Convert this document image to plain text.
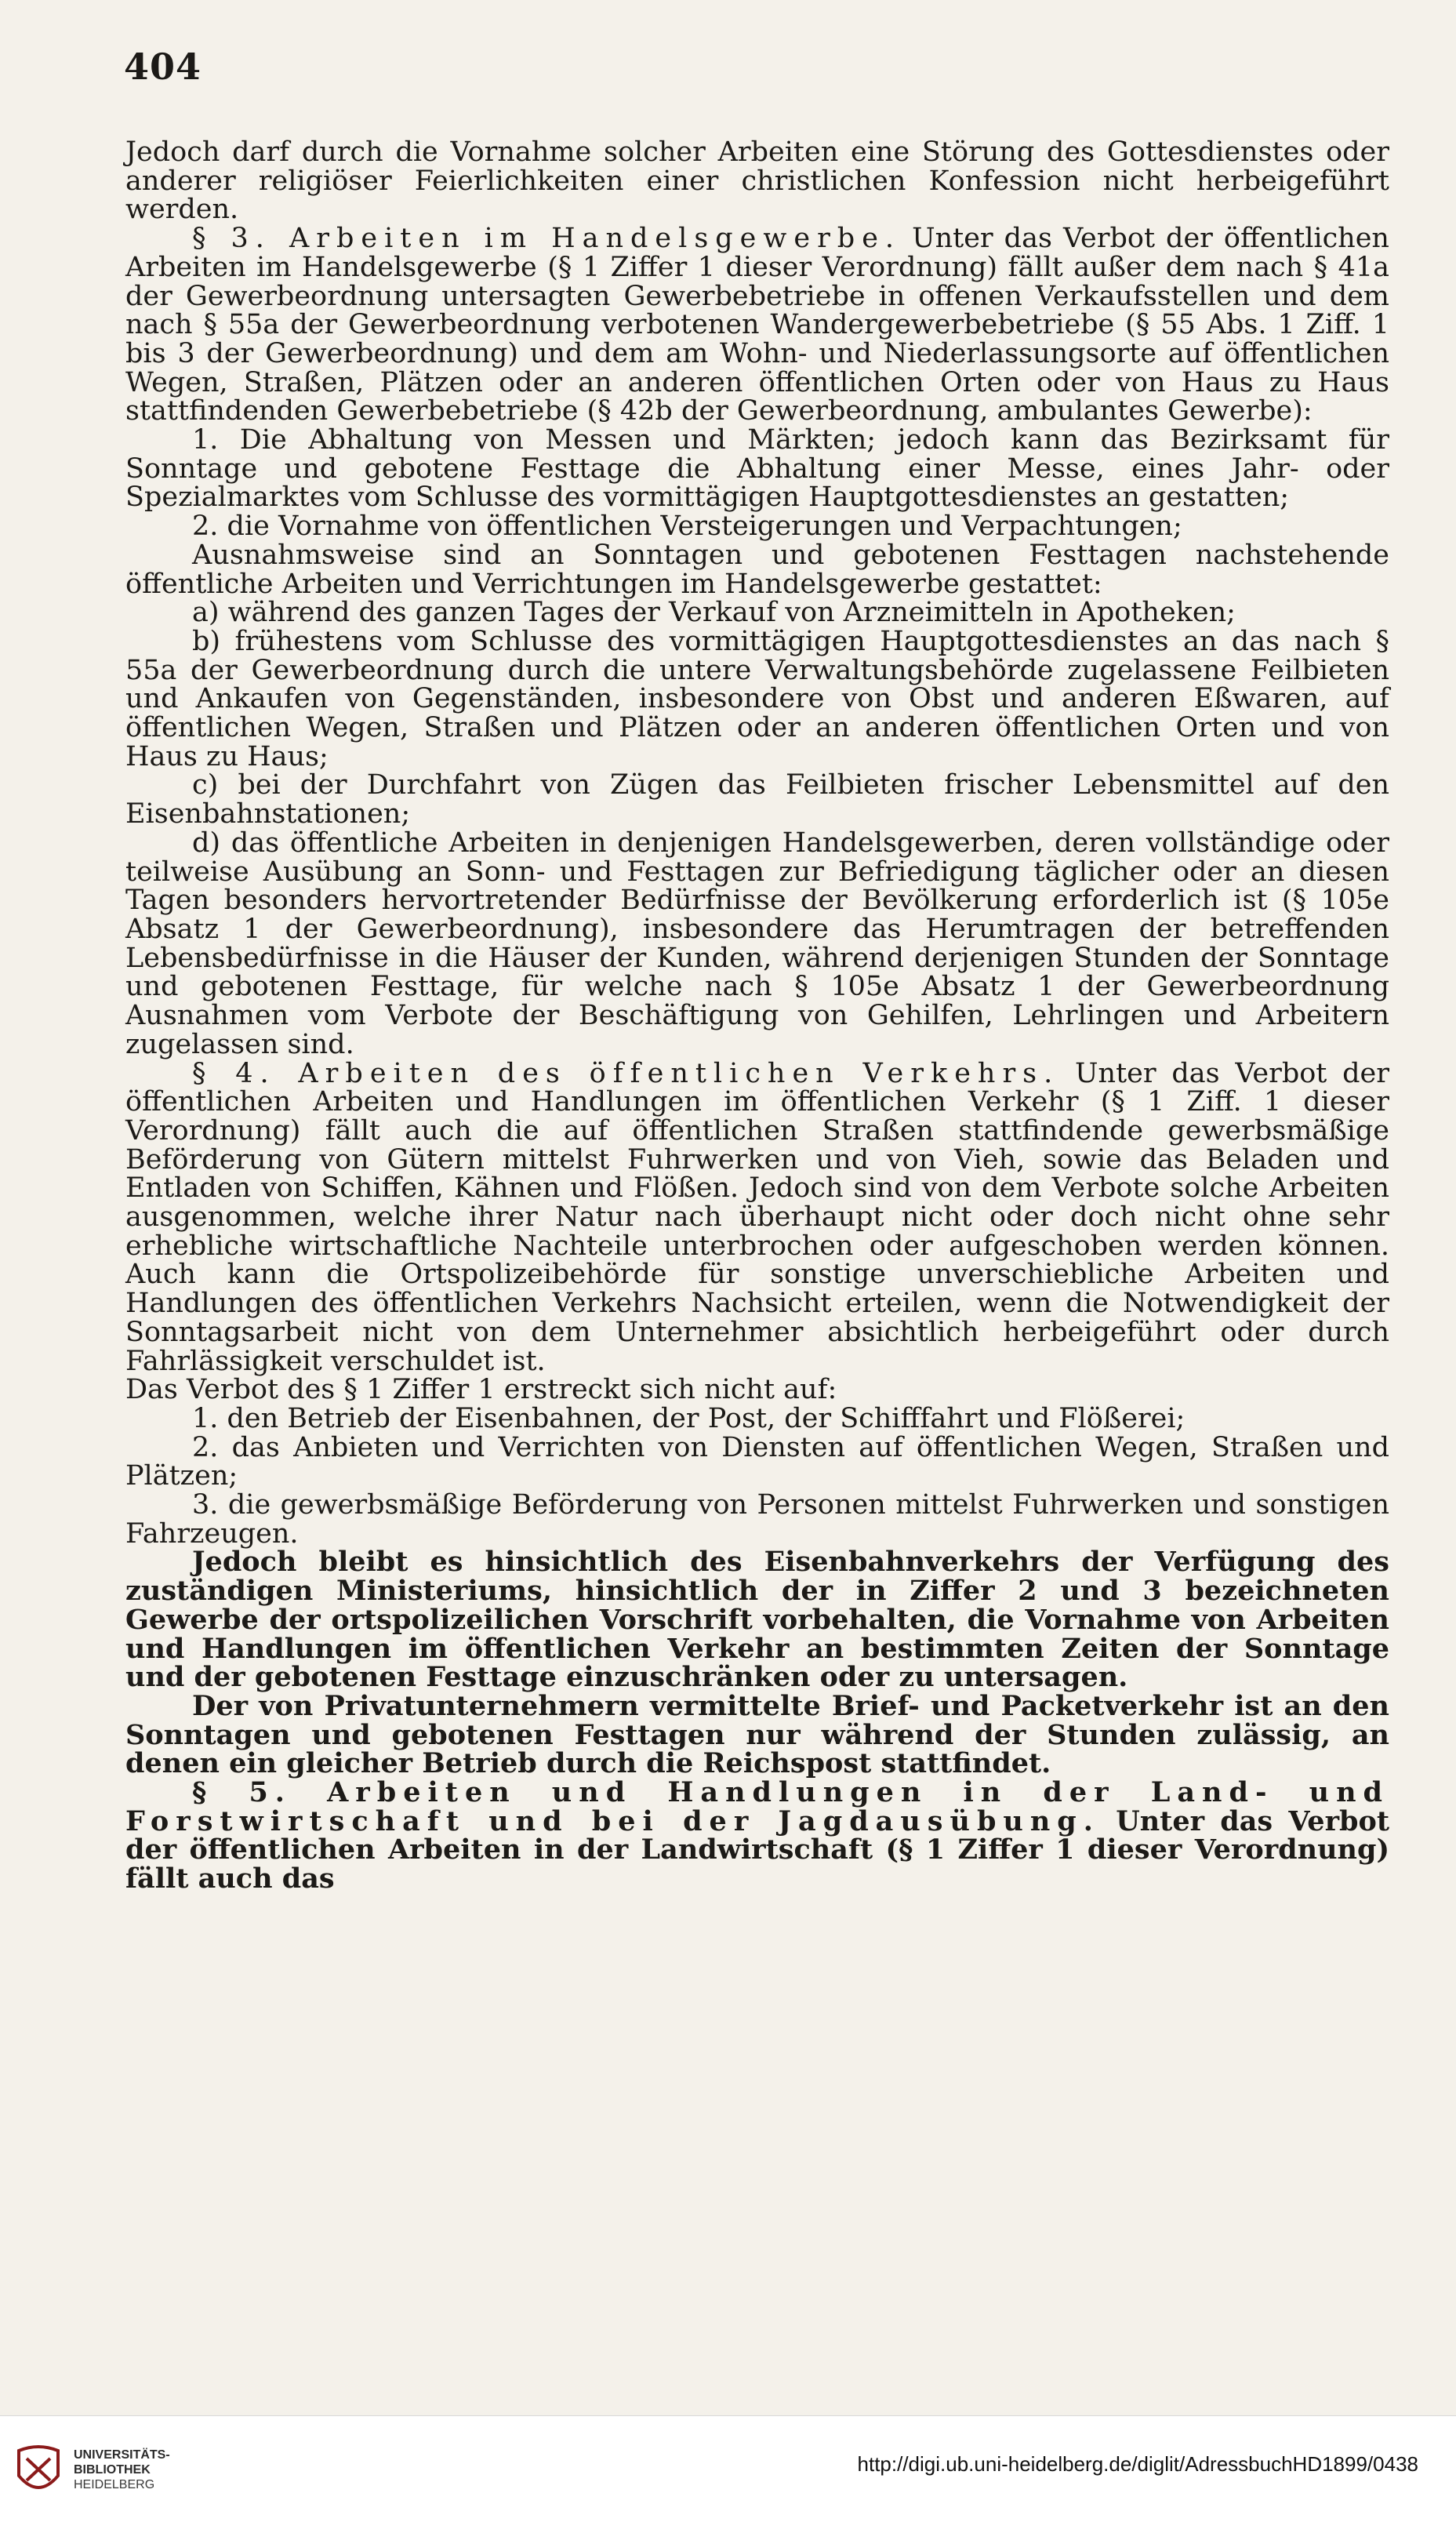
404

Jedoch darf durch die Vornahme solcher Arbeiten eine Störung des Gottesdienstes oder anderer religiöser Feierlichkeiten einer christlichen Konfession nicht herbeigeführt werden.

§ 3. Arbeiten im Handelsgewerbe. Unter das Verbot der öffentlichen Arbeiten im Handelsgewerbe (§ 1 Ziffer 1 dieser Verordnung) fällt außer dem nach § 41a der Gewerbeordnung untersagten Gewerbebetriebe in offenen Verkaufsstellen und dem nach § 55a der Gewerbeordnung verbotenen Wandergewerbebetriebe (§ 55 Abs. 1 Ziff. 1 bis 3 der Gewerbeordnung) und dem am Wohn- und Niederlassungsorte auf öffentlichen Wegen, Straßen, Plätzen oder an anderen öffentlichen Orten oder von Haus zu Haus stattfindenden Gewerbebetriebe (§ 42b der Gewerbeordnung, ambulantes Gewerbe):

1. Die Abhaltung von Messen und Märkten; jedoch kann das Bezirksamt für Sonntage und gebotene Festtage die Abhaltung einer Messe, eines Jahr- oder Spezialmarktes vom Schlusse des vormittägigen Hauptgottesdienstes an gestatten;

2. die Vornahme von öffentlichen Versteigerungen und Verpachtungen;

Ausnahmsweise sind an Sonntagen und gebotenen Festtagen nachstehende öffentliche Arbeiten und Verrichtungen im Handelsgewerbe gestattet:

a) während des ganzen Tages der Verkauf von Arzneimitteln in Apotheken;

b) frühestens vom Schlusse des vormittägigen Hauptgottesdienstes an das nach § 55a der Gewerbeordnung durch die untere Verwaltungsbehörde zugelassene Feilbieten und Ankaufen von Gegenständen, insbesondere von Obst und anderen Eßwaren, auf öffentlichen Wegen, Straßen und Plätzen oder an anderen öffentlichen Orten und von Haus zu Haus;

c) bei der Durchfahrt von Zügen das Feilbieten frischer Lebensmittel auf den Eisenbahnstationen;

d) das öffentliche Arbeiten in denjenigen Handelsgewerben, deren vollständige oder teilweise Ausübung an Sonn- und Festtagen zur Befriedigung täglicher oder an diesen Tagen besonders hervortretender Bedürfnisse der Bevölkerung erforderlich ist (§ 105e Absatz 1 der Gewerbeordnung), insbesondere das Herumtragen der betreffenden Lebensbedürfnisse in die Häuser der Kunden, während derjenigen Stunden der Sonntage und gebotenen Festtage, für welche nach § 105e Absatz 1 der Gewerbeordnung Ausnahmen vom Verbote der Beschäftigung von Gehilfen, Lehrlingen und Arbeitern zugelassen sind.

§ 4. Arbeiten des öffentlichen Verkehrs. Unter das Verbot der öffentlichen Arbeiten und Handlungen im öffentlichen Verkehr (§ 1 Ziff. 1 dieser Verordnung) fällt auch die auf öffentlichen Straßen stattfindende gewerbsmäßige Beförderung von Gütern mittelst Fuhrwerken und von Vieh, sowie das Beladen und Entladen von Schiffen, Kähnen und Flößen. Jedoch sind von dem Verbote solche Arbeiten ausgenommen, welche ihrer Natur nach überhaupt nicht oder doch nicht ohne sehr erhebliche wirtschaftliche Nachteile unterbrochen oder aufgeschoben werden können. Auch kann die Ortspolizeibehörde für sonstige unverschiebliche Arbeiten und Handlungen des öffentlichen Verkehrs Nachsicht erteilen, wenn die Notwendigkeit der Sonntagsarbeit nicht von dem Unternehmer absichtlich herbeigeführt oder durch Fahrlässigkeit verschuldet ist.

Das Verbot des § 1 Ziffer 1 erstreckt sich nicht auf:

1. den Betrieb der Eisenbahnen, der Post, der Schifffahrt und Flößerei;

2. das Anbieten und Verrichten von Diensten auf öffentlichen Wegen, Straßen und Plätzen;

3. die gewerbsmäßige Beförderung von Personen mittelst Fuhrwerken und sonstigen Fahrzeugen.

Jedoch bleibt es hinsichtlich des Eisenbahnverkehrs der Verfügung des zuständigen Ministeriums, hinsichtlich der in Ziffer 2 und 3 bezeichneten Gewerbe der ortspolizeilichen Vorschrift vorbehalten, die Vornahme von Arbeiten und Handlungen im öffentlichen Verkehr an bestimmten Zeiten der Sonntage und der gebotenen Festtage einzuschränken oder zu untersagen.

Der von Privatunternehmern vermittelte Brief- und Packetverkehr ist an den Sonntagen und gebotenen Festtagen nur während der Stunden zulässig, an denen ein gleicher Betrieb durch die Reichspost stattfindet.

§ 5. Arbeiten und Handlungen in der Land- und Forstwirtschaft und bei der Jagdausübung. Unter das Verbot der öffentlichen Arbeiten in der Landwirtschaft (§ 1 Ziffer 1 dieser Verordnung) fällt auch das

UNIVERSITÄTS-
BIBLIOTHEK
HEIDELBERG
http://digi.ub.uni-heidelberg.de/diglit/AdressbuchHD1899/0438
